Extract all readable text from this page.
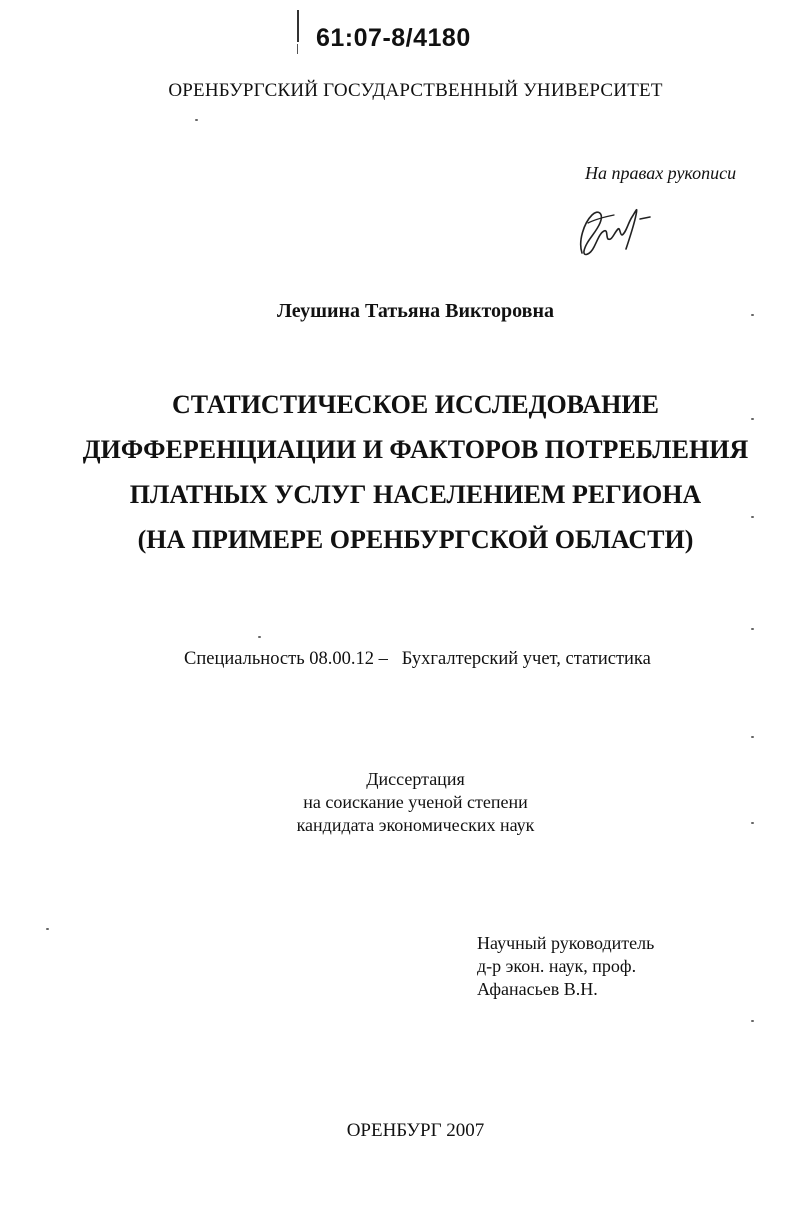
61:07-8/4180
ОРЕНБУРГСКИЙ ГОСУДАРСТВЕННЫЙ УНИВЕРСИТЕТ
На правах рукописи
Леушина Татьяна Викторовна
СТАТИСТИЧЕСКОЕ ИССЛЕДОВАНИЕ
ДИФФЕРЕНЦИАЦИИ И ФАКТОРОВ ПОТРЕБЛЕНИЯ
ПЛАТНЫХ УСЛУГ НАСЕЛЕНИЕМ РЕГИОНА
(НА ПРИМЕРЕ ОРЕНБУРГСКОЙ ОБЛАСТИ)
Специальность 08.00.12 –   Бухгалтерский учет, статистика
Диссертация
на соискание ученой степени
кандидата экономических наук
Научный руководитель
д-р экон. наук, проф.
Афанасьев В.Н.
ОРЕНБУРГ 2007
